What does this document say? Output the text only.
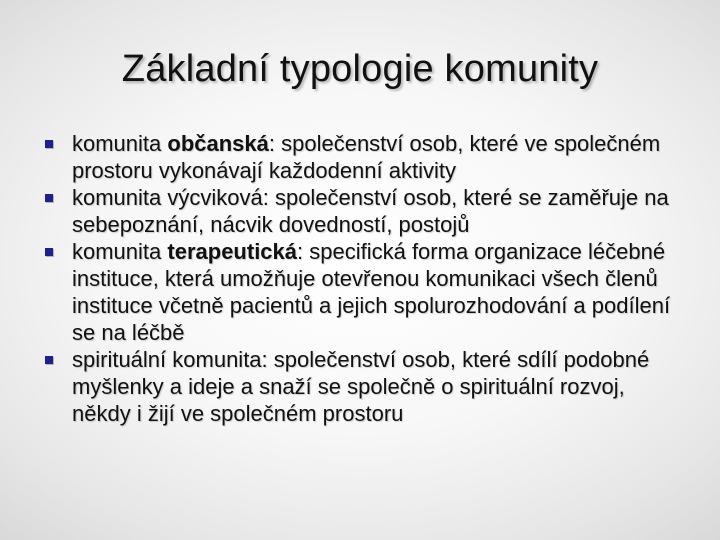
Základní typologie komunity
komunita občanská: společenství osob, které ve společném prostoru vykonávají každodenní aktivity
komunita výcviková: společenství osob, které se zaměřuje na sebepoznání, nácvik dovedností, postojů
komunita terapeutická: specifická forma organizace léčebné instituce, která umožňuje otevřenou komunikaci všech členů instituce včetně pacientů a jejich spolurozhodování a podílení se na léčbě
spirituální komunita: společenství osob, které sdílí podobné myšlenky a ideje a snaží se společně o spirituální rozvoj, někdy i žijí ve společném prostoru
